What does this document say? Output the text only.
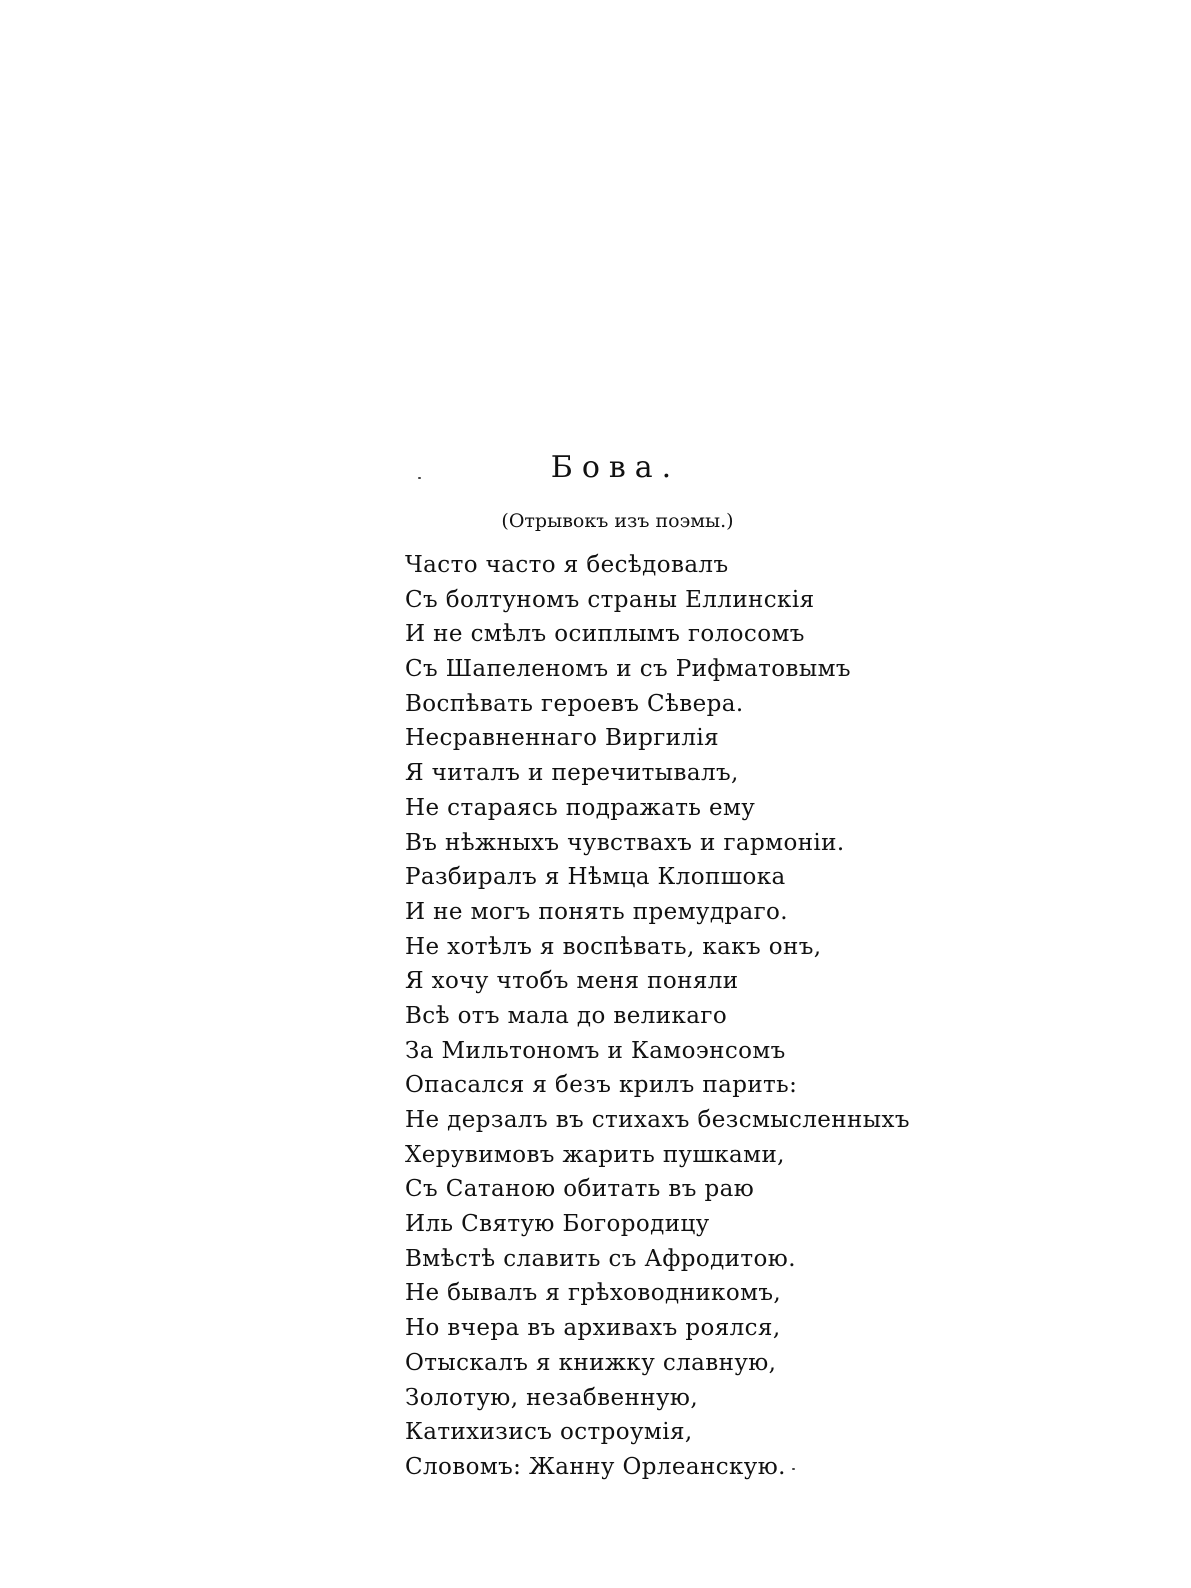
Бова.
(Отрывокъ изъ поэмы.)
Часто часто я бесѣдовалъ
Съ болтуномъ страны Еллинскія
И не смѣлъ осиплымъ голосомъ
Съ Шапеленомъ и съ Рифматовымъ
Воспѣвать героевъ Сѣвера.
Несравненнаго Виргилія
Я читалъ и перечитывалъ,
Не стараясь подражать ему
Въ нѣжныхъ чувствахъ и гармоніи.
Разбиралъ я Нѣмца Клопшока
И не могъ понять премудраго.
Не хотѣлъ я воспѣвать, какъ онъ,
Я хочу чтобъ меня поняли
Всѣ отъ мала до великаго
За Мильтономъ и Камоэнсомъ
Опасался я безъ крилъ парить:
Не дерзалъ въ стихахъ безсмысленныхъ
Херувимовъ жарить пушками,
Съ Сатаною обитать въ раю
Иль Святую Богородицу
Вмѣстѣ славить съ Афродитою.
Не бывалъ я грѣховодникомъ,
Но вчера въ архивахъ роялся,
Отыскалъ я книжку славную,
Золотую, незабвенную,
Катихизисъ остроумія,
Словомъ: Жанну Орлеанскую.
